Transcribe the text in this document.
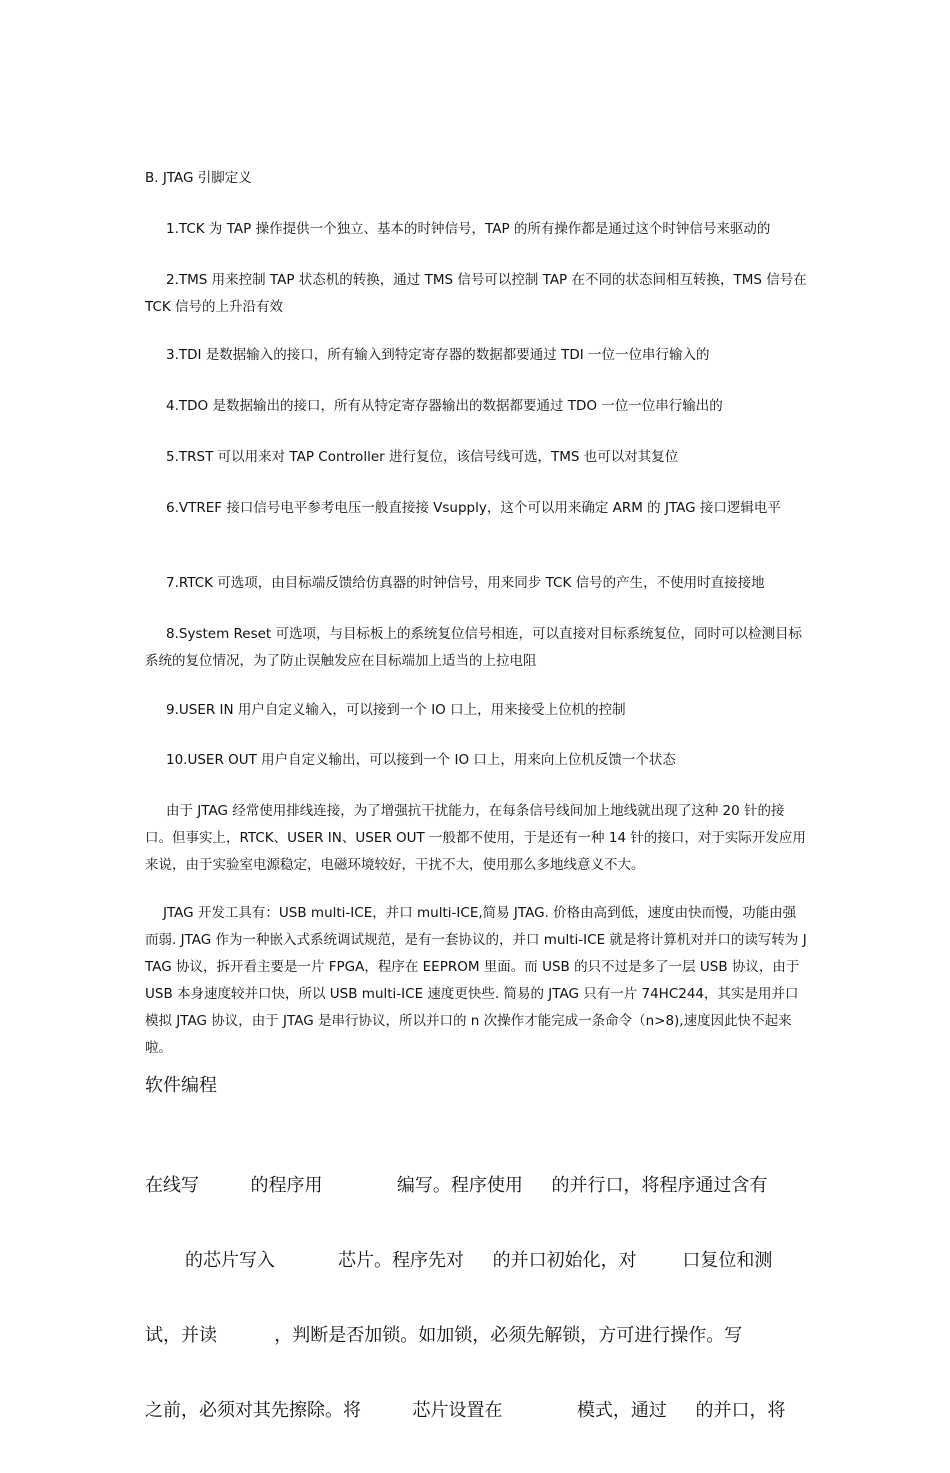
B. JTAG 引脚定义

1.TCK 为 TAP 操作提供一个独立、基本的时钟信号，TAP 的所有操作都是通过这个时钟信号来驱动的

2.TMS 用来控制 TAP 状态机的转换，通过 TMS 信号可以控制 TAP 在不同的状态间相互转换，TMS 信号在 TCK 信号的上升沿有效

3.TDI 是数据输入的接口，所有输入到特定寄存器的数据都要通过 TDI 一位一位串行输入的

4.TDO 是数据输出的接口，所有从特定寄存器输出的数据都要通过 TDO 一位一位串行输出的

5.TRST 可以用来对 TAP Controller 进行复位，该信号线可选，TMS 也可以对其复位

6.VTREF 接口信号电平参考电压一般直接接 Vsupply，这个可以用来确定 ARM 的 JTAG 接口逻辑电平

7.RTCK 可选项，由目标端反馈给仿真器的时钟信号，用来同步 TCK 信号的产生，不使用时直接接地

8.System Reset 可选项，与目标板上的系统复位信号相连，可以直接对目标系统复位，同时可以检测目标系统的复位情况，为了防止误触发应在目标端加上适当的上拉电阻

9.USER IN 用户自定义输入，可以接到一个 IO 口上，用来接受上位机的控制

10.USER OUT 用户自定义输出，可以接到一个 IO 口上，用来向上位机反馈一个状态

由于 JTAG 经常使用排线连接，为了增强抗干扰能力，在每条信号线间加上地线就出现了这种 20 针的接口。但事实上，RTCK、USER IN、USER OUT 一般都不使用，于是还有一种 14 针的接口，对于实际开发应用来说，由于实验室电源稳定，电磁环境较好，干扰不大，使用那么多地线意义不大。

JTAG 开发工具有：USB multi-ICE，并口 multi-ICE,简易 JTAG. 价格由高到低，速度由快而慢，功能由强而弱. JTAG 作为一种嵌入式系统调试规范，是有一套协议的，并口 multi-ICE 就是将计算机对并口的读写转为 JTAG 协议，拆开看主要是一片 FPGA，程序在 EEPROM 里面。而 USB 的只不过是多了一层 USB 协议，由于 USB 本身速度较并口快，所以 USB multi-ICE 速度更快些. 简易的 JTAG 只有一片 74HC244，其实是用并口模拟 JTAG 协议，由于 JTAG 是串行协议，所以并口的 n 次操作才能完成一条命令（n>8),速度因此快不起来啦。

软件编程

在线写         的程序用             编写。程序使用     的并行口，将程序通过含有

的芯片写入           芯片。程序先对     的并口初始化，对        口复位和测

试，并读          ，判断是否加锁。如加锁，必须先解锁，方可进行操作。写

之前，必须对其先擦除。将         芯片设置在             模式，通过     的并口，将
